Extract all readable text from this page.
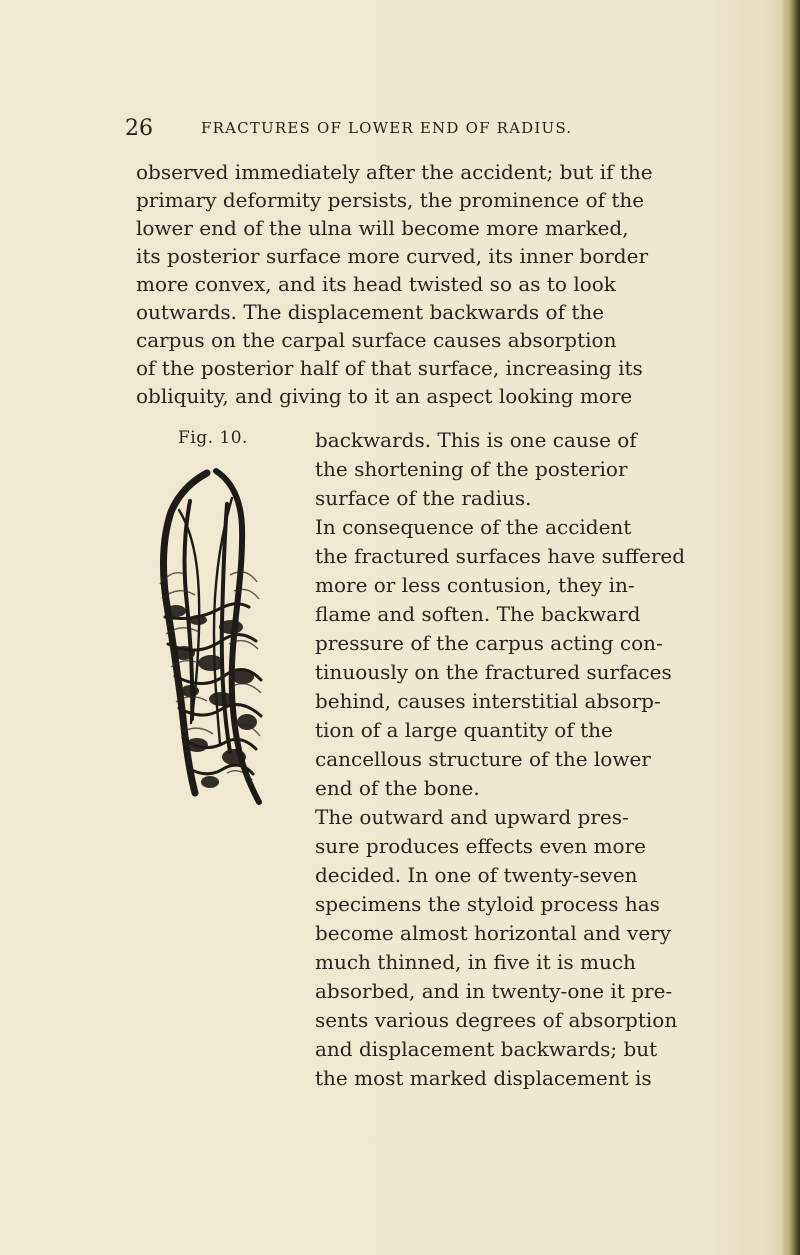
26	FRACTURES OF LOWER END OF RADIUS.
observed immediately after the accident; but if the
primary deformity persists, the prominence of the
lower end of the ulna will become more marked,
its posterior surface more curved, its inner border
more convex, and its head twisted so as to look
outwards. The displacement backwards of the
carpus on the carpal surface causes absorption
of the posterior half of that surface, increasing its
obliquity, and giving to it an aspect looking more
Fig. 10.	backwards. This is one cause of
the shortening of the posterior
surface of the radius.
In consequence of the accident
the fractured surfaces have suffered
more or less contusion, they in-
flame and soften. The backward
pressure of the carpus acting con-
tinuously on the fractured surfaces
behind, causes interstitial absorp-
tion of a large quantity of the
cancellous structure of the lower
end of the bone.
The outward and upward pres-
sure produces effects even more
decided. In one of twenty-seven
specimens the styloid process has
become almost horizontal and very
much thinned, in five it is much
absorbed, and in twenty-one it pre-
sents various degrees of absorption
and displacement backwards; but
the most marked displacement is
